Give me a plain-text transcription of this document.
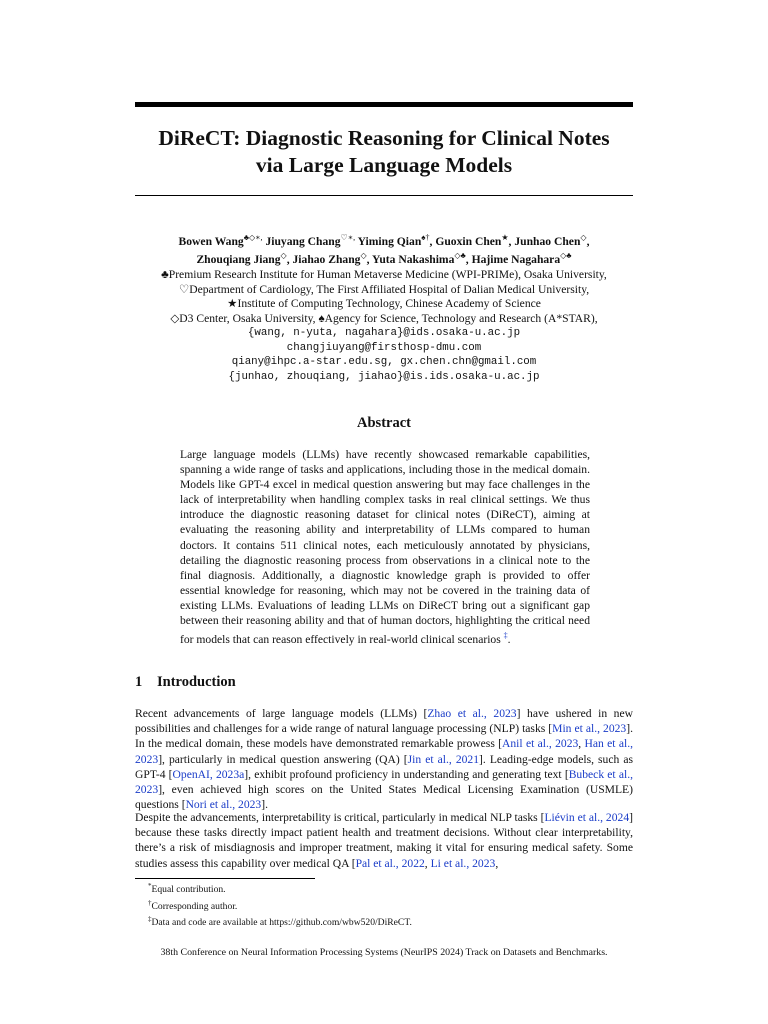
DiReCT: Diagnostic Reasoning for Clinical Notes
via Large Language Models
Bowen Wang♣◇∗, Jiuyang Chang♡∗, Yiming Qian♠†, Guoxin Chen★, Junhao Chen◇,
Zhouqiang Jiang◇, Jiahao Zhang◇, Yuta Nakashima◇♣, Hajime Nagahara◇♣
♣Premium Research Institute for Human Metaverse Medicine (WPI-PRIMe), Osaka University,
♡Department of Cardiology, The First Affiliated Hospital of Dalian Medical University,
★Institute of Computing Technology, Chinese Academy of Science
◇D3 Center, Osaka University, ♠Agency for Science, Technology and Research (A*STAR),
{wang, n-yuta, nagahara}@ids.osaka-u.ac.jp
changjiuyang@firsthosp-dmu.com
qiany@ihpc.a-star.edu.sg, gx.chen.chn@gmail.com
{junhao, zhouqiang, jiahao}@is.ids.osaka-u.ac.jp
Abstract
Large language models (LLMs) have recently showcased remarkable capabilities, spanning a wide range of tasks and applications, including those in the medical domain. Models like GPT-4 excel in medical question answering but may face challenges in the lack of interpretability when handling complex tasks in real clinical settings. We thus introduce the diagnostic reasoning dataset for clinical notes (DiReCT), aiming at evaluating the reasoning ability and interpretability of LLMs compared to human doctors. It contains 511 clinical notes, each meticulously annotated by physicians, detailing the diagnostic reasoning process from observations in a clinical note to the final diagnosis. Additionally, a diagnostic knowledge graph is provided to offer essential knowledge for reasoning, which may not be covered in the training data of existing LLMs. Evaluations of leading LLMs on DiReCT bring out a significant gap between their reasoning ability and that of human doctors, highlighting the critical need for models that can reason effectively in real-world clinical scenarios ‡.
1 Introduction
Recent advancements of large language models (LLMs) [Zhao et al., 2023] have ushered in new possibilities and challenges for a wide range of natural language processing (NLP) tasks [Min et al., 2023]. In the medical domain, these models have demonstrated remarkable prowess [Anil et al., 2023, Han et al., 2023], particularly in medical question answering (QA) [Jin et al., 2021]. Leading-edge models, such as GPT-4 [OpenAI, 2023a], exhibit profound proficiency in understanding and generating text [Bubeck et al., 2023], even achieved high scores on the United States Medical Licensing Examination (USMLE) questions [Nori et al., 2023].
Despite the advancements, interpretability is critical, particularly in medical NLP tasks [Liévin et al., 2024] because these tasks directly impact patient health and treatment decisions. Without clear interpretability, there’s a risk of misdiagnosis and improper treatment, making it vital for ensuring medical safety. Some studies assess this capability over medical QA [Pal et al., 2022, Li et al., 2023,
*Equal contribution.
†Corresponding author.
‡Data and code are available at https://github.com/wbw520/DiReCT.
38th Conference on Neural Information Processing Systems (NeurIPS 2024) Track on Datasets and Benchmarks.
